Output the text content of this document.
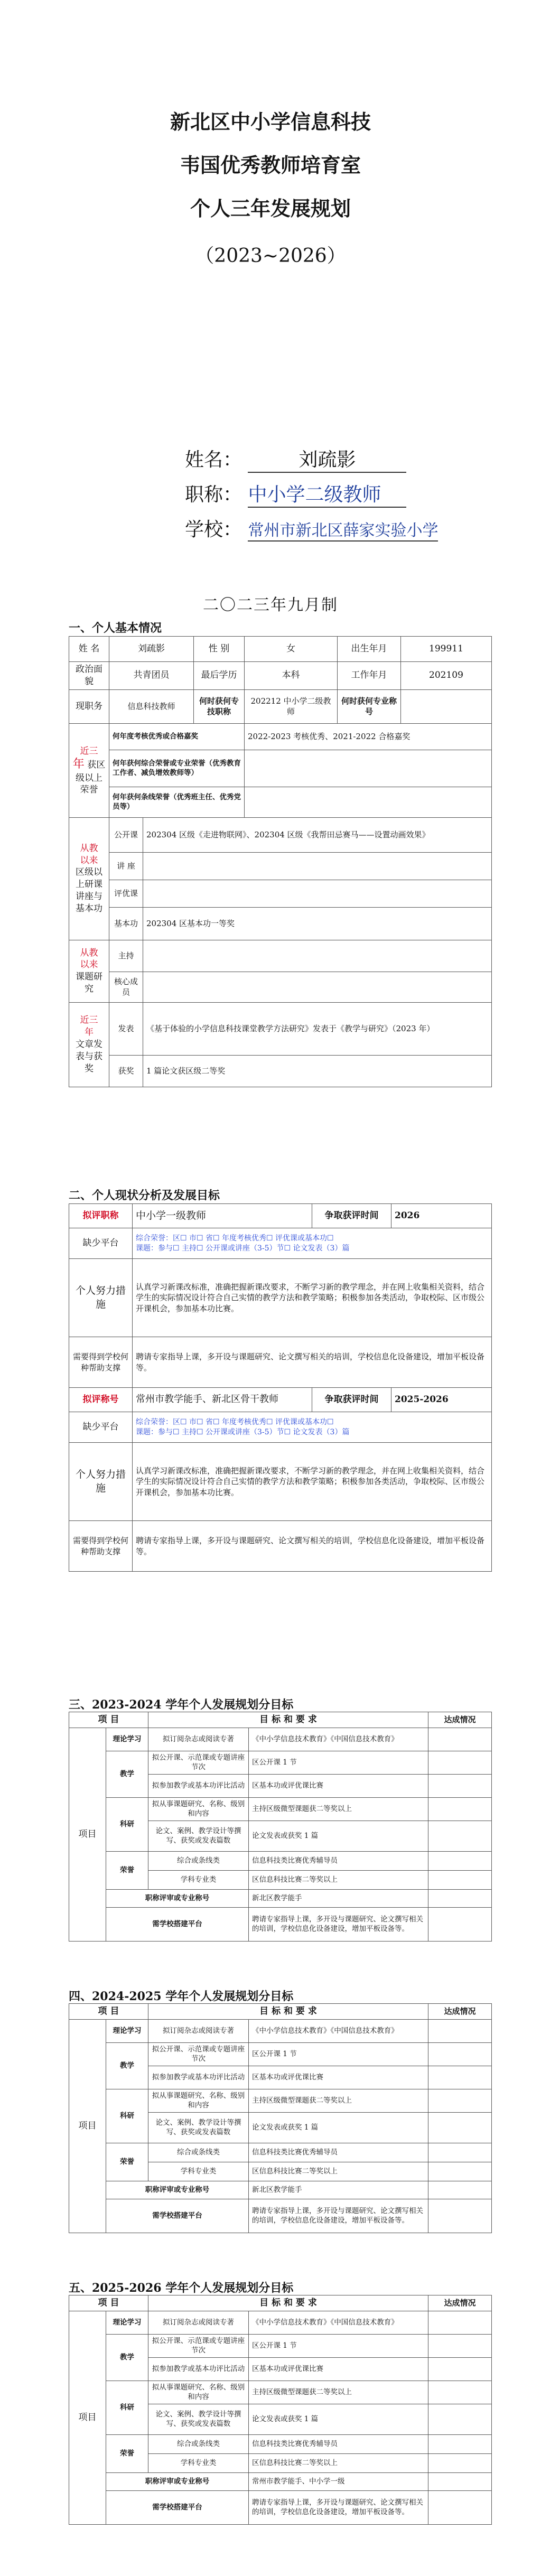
新北区中小学信息科技
韦国优秀教师培育室
个人三年发展规划
（2023~2026）
姓名：	刘疏影
职称： 中小学二级教师
学校： 常州市新北区薛家实验小学
二〇二三年九月制
一、个人基本情况
姓 名	刘疏影		性 别	女	出生年月	199911
政治面貌	共青团员		最后学历	本科	工作年月	202109
现职务	信息科技教师		何时获何专技职称	202212 中小学二级教师	何时获何专业称号	
近三
年 获区级以上荣誉	何年度考核优秀或合格嘉奖			2022-2023 考核优秀、2021-2022 合格嘉奖		
	何年获何综合荣誉或专业荣誉（优秀教育工作者、减负增效教师等）					
	何年获何条线荣誉（优秀班主任、优秀党员等）					
从教
以来
区级以上研课讲座与基本功	公开课	202304 区级《走进物联网》、202304 区级《我帮田忌赛马——设置动画效果》				
	讲 座					
	评优课					
	基本功	202304 区基本功一等奖				
从教
以来
课题研究	主持					
	核心成员					
近三
年
文章发表与获奖	发表	《基于体验的小学信息科技课堂教学方法研究》发表于《教学与研究》（2023 年）				
	获奖	1 篇论文获区级二等奖				
二、个人现状分析及发展目标
拟评职称	中小学一级教师	争取获评时间	2026
缺少平台	综合荣誉：区☐ 市☐ 省☐ 年度考核优秀☐ 评优课或基本功☐
课题：参与☐ 主持☐ 公开课或讲座（3-5）节☐ 论文发表（3）篇		

个人努力措施	认真学习新课改标准，准确把握新课改要求，不断学习新的教学理念，并在网上收集相关资料，结合学生的实际情况设计符合自己实情的教学方法和教学策略；积极参加各类活动，争取校际、区市级公开课机会，参加基本功比赛。		
需要得到学校何种帮助支撑	聘请专家指导上课，多开设与课题研究、论文撰写相关的培训，学校信息化设备建设，增加平板设备等。		
拟评称号	常州市教学能手、新北区骨干教师	争取获评时间	2025-2026
缺少平台	综合荣誉：区☐ 市☐ 省☐ 年度考核优秀☐ 评优课或基本功☐
课题：参与☐ 主持☐ 公开课或讲座（3-5）节☐ 论文发表（3）篇		

个人努力措施	认真学习新课改标准，准确把握新课改要求，不断学习新的教学理念，并在网上收集相关资料，结合学生的实际情况设计符合自己实情的教学方法和教学策略；积极参加各类活动，争取校际、区市级公开课机会，参加基本功比赛。		
需要得到学校何种帮助支撑	聘请专家指导上课，多开设与课题研究、论文撰写相关的培训，学校信息化设备建设，增加平板设备等。		
三、2023-2024 学年个人发展规划分目标
项 目		目 标 和 要 求		达成情况
项目	理论学习	拟订阅杂志或阅读专著	《中小学信息技术教育》《中国信息技术教育》	
	教学	拟公开课、示范课或专题讲座节次	区公开课 1 节	
		拟参加教学或基本功评比活动	区基本功或评优课比赛	
	科研	拟从事课题研究、名称、级别和内容	主持区级微型课题获二等奖以上	
		论文、案例、教学设计等撰写、获奖或发表篇数	论文发表或获奖 1 篇	
	荣誉	综合或条线类	信息科技类比赛优秀辅导员	
		学科专业类	区信息科技比赛二等奖以上	
	职称评审或专业称号		新北区教学能手	
	需学校搭建平台		聘请专家指导上课，多开设与课题研究、论文撰写相关的培训，学校信息化设备建设，增加平板设备等。	
四、2024-2025 学年个人发展规划分目标
项 目		目 标 和 要 求		达成情况
项目	理论学习	拟订阅杂志或阅读专著	《中小学信息技术教育》《中国信息技术教育》	
	教学	拟公开课、示范课或专题讲座节次	区公开课 1 节	
		拟参加教学或基本功评比活动	区基本功或评优课比赛	
	科研	拟从事课题研究、名称、级别和内容	主持区级微型课题获二等奖以上	
		论文、案例、教学设计等撰写、获奖或发表篇数	论文发表或获奖 1 篇	
	荣誉	综合或条线类	信息科技类比赛优秀辅导员	
		学科专业类	区信息科技比赛二等奖以上	
	职称评审或专业称号		新北区教学能手	
	需学校搭建平台		聘请专家指导上课，多开设与课题研究、论文撰写相关的培训，学校信息化设备建设，增加平板设备等。	
五、2025-2026 学年个人发展规划分目标
项 目		目 标 和 要 求		达成情况
项目	理论学习	拟订阅杂志或阅读专著	《中小学信息技术教育》《中国信息技术教育》	
	教学	拟公开课、示范课或专题讲座节次	区公开课 1 节	
		拟参加教学或基本功评比活动	区基本功或评优课比赛	
	科研	拟从事课题研究、名称、级别和内容	主持区级微型课题获二等奖以上	
		论文、案例、教学设计等撰写、获奖或发表篇数	论文发表或获奖 1 篇	
	荣誉	综合或条线类	信息科技类比赛优秀辅导员	
		学科专业类	区信息科技比赛二等奖以上	
	职称评审或专业称号		常州市教学能手、中小学一级	
	需学校搭建平台		聘请专家指导上课，多开设与课题研究、论文撰写相关的培训，学校信息化设备建设，增加平板设备等。	
